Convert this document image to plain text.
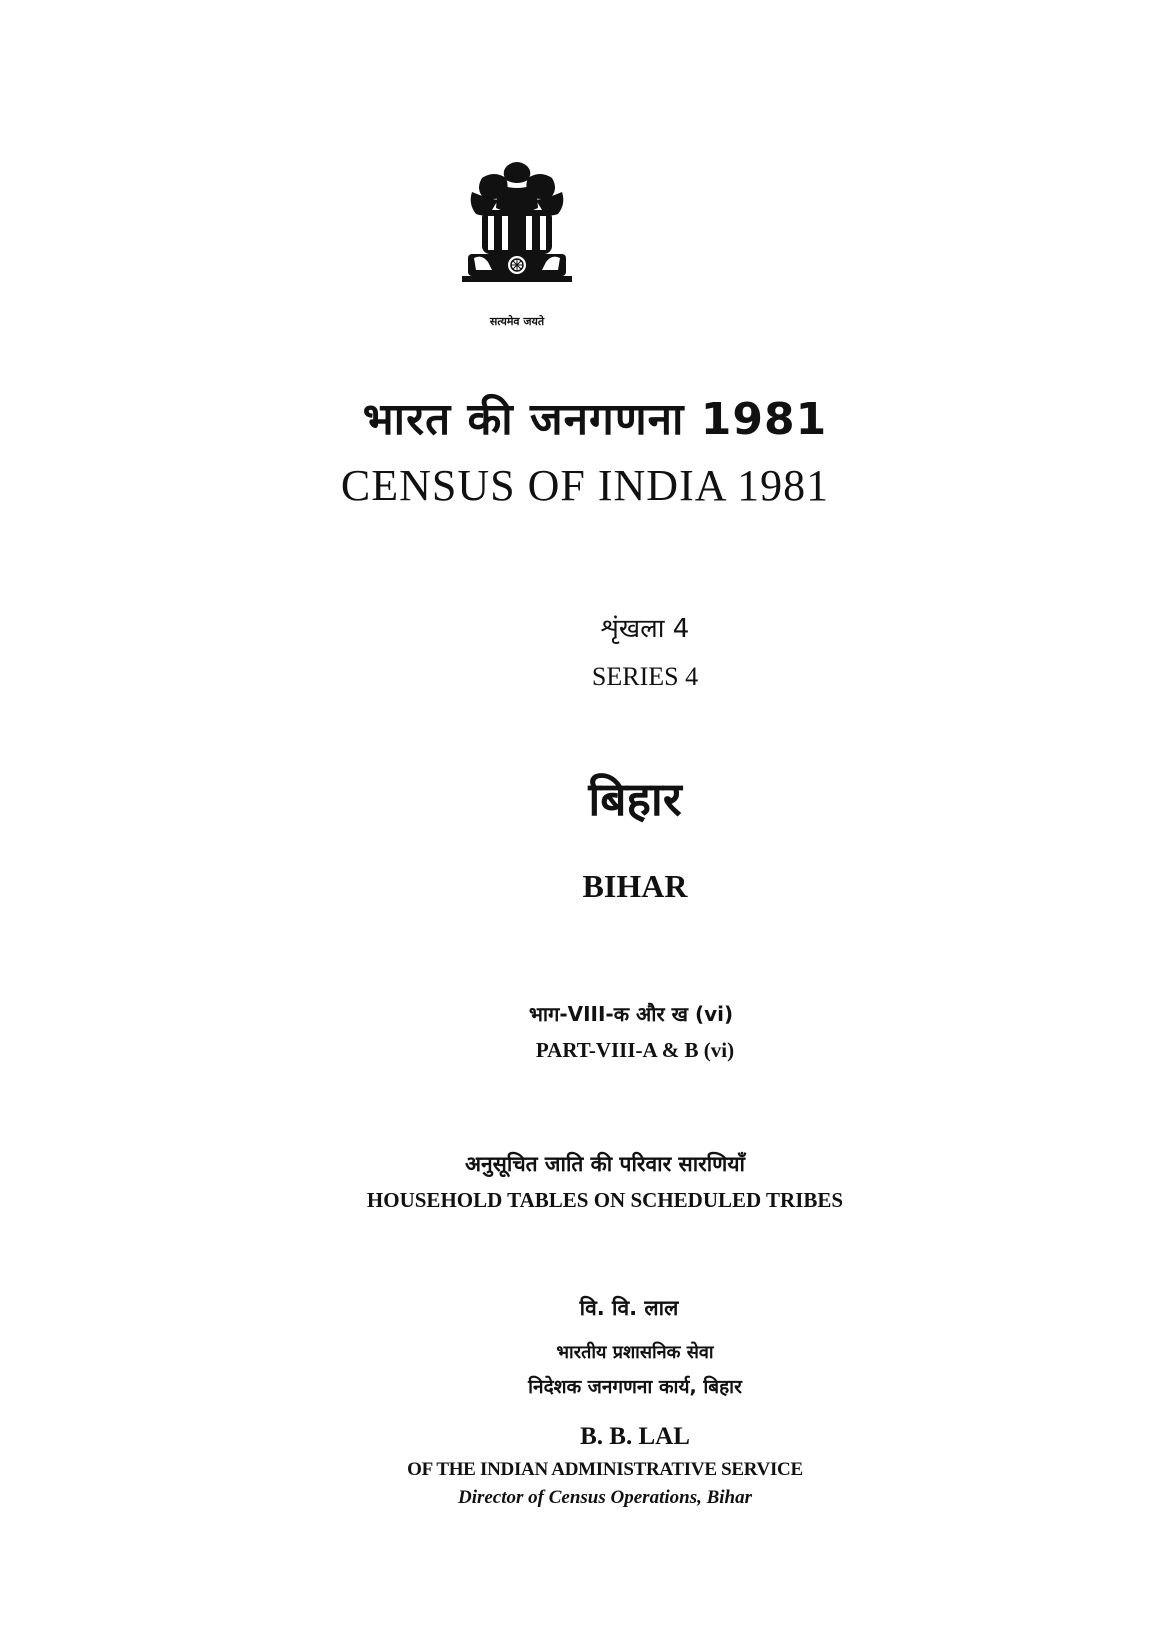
सत्यमेव जयते
भारत की जनगणना 1981
CENSUS OF INDIA 1981
शृंखला 4
SERIES 4
बिहार
BIHAR
भाग-VIII-क और ख (vi)
PART-VIII-A & B (vi)
अनुसूचित जाति की परिवार सारणियाँ
HOUSEHOLD TABLES ON SCHEDULED TRIBES
वि. वि. लाल
भारतीय प्रशासनिक सेवा
निदेशक जनगणना कार्य, बिहार
B. B. LAL
OF THE INDIAN ADMINISTRATIVE SERVICE
Director of Census Operations, Bihar
